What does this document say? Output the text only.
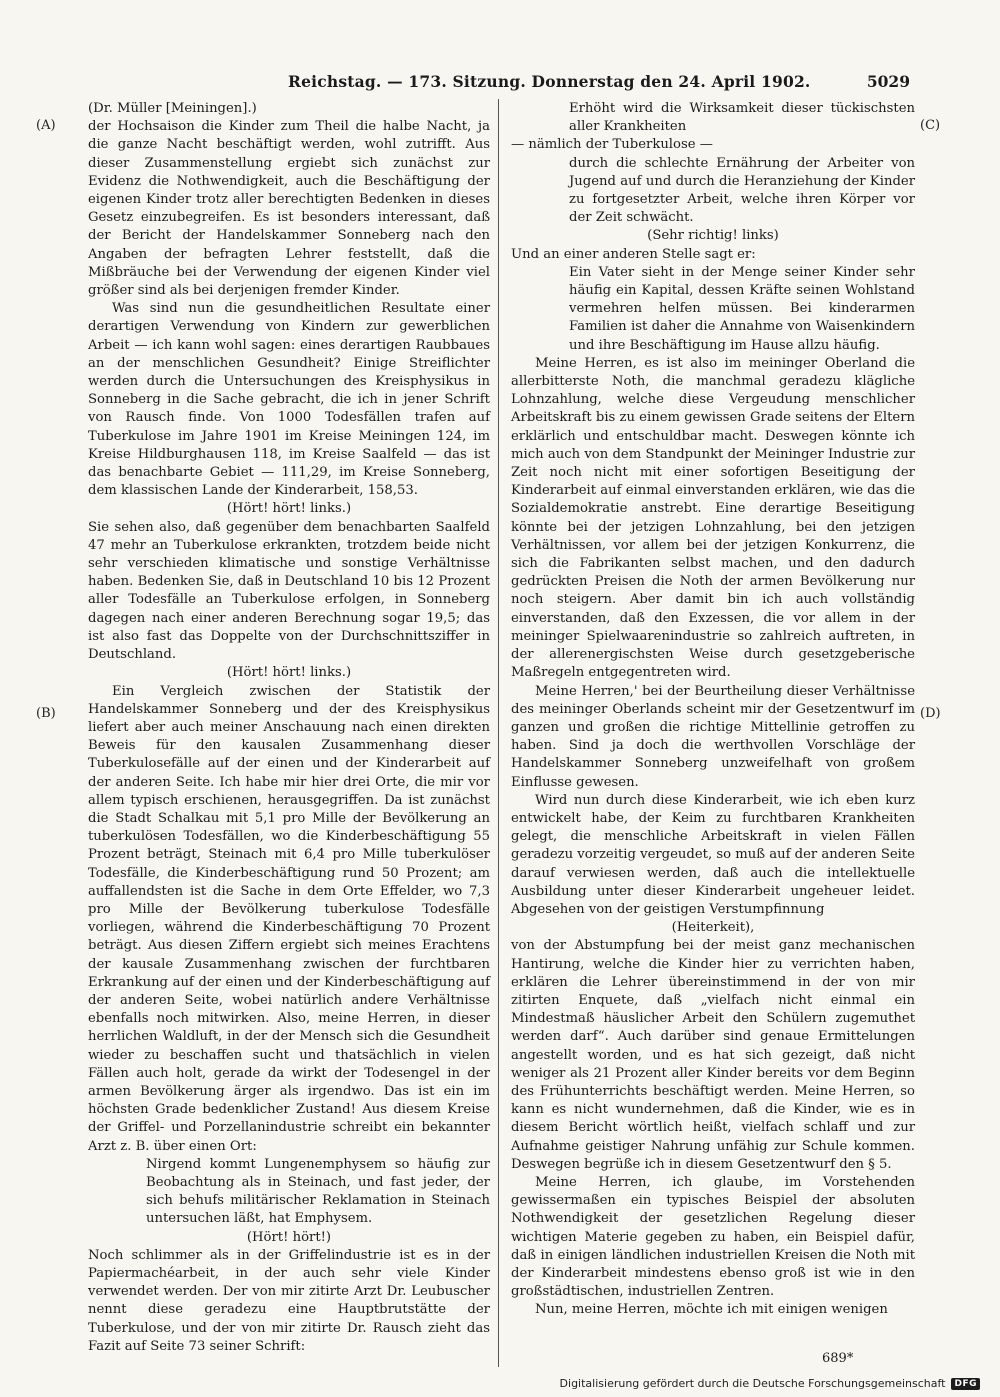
Reichstag. — 173. Sitzung. Donnerstag den 24. April 1902.	5029
(A)
(B)
(C)
(D)

(Dr. Müller [Meiningen].)

der Hochsaison die Kinder zum Theil die halbe Nacht, ja die ganze Nacht beschäftigt werden, wohl zutrifft. Aus dieser Zusammenstellung ergiebt sich zunächst zur Evidenz die Nothwendigkeit, auch die Beschäftigung der eigenen Kinder trotz aller berechtigten Bedenken in dieses Gesetz einzubegreifen. Es ist besonders interessant, daß der Bericht der Handelskammer Sonneberg nach den Angaben der befragten Lehrer feststellt, daß die Mißbräuche bei der Verwendung der eigenen Kinder viel größer sind als bei derjenigen fremder Kinder.

Was sind nun die gesundheitlichen Resultate einer derartigen Verwendung von Kindern zur gewerblichen Arbeit — ich kann wohl sagen: eines derartigen Raubbaues an der menschlichen Gesundheit? Einige Streiflichter werden durch die Untersuchungen des Kreisphysikus in Sonneberg in die Sache gebracht, die ich in jener Schrift von Rausch finde. Von 1000 Todesfällen trafen auf Tuberkulose im Jahre 1901 im Kreise Meiningen 124, im Kreise Hildburghausen 118, im Kreise Saalfeld — das ist das benachbarte Gebiet — 111,29, im Kreise Sonneberg, dem klassischen Lande der Kinderarbeit, 158,53.

(Hört! hört! links.)

Sie sehen also, daß gegenüber dem benachbarten Saalfeld 47 mehr an Tuberkulose erkrankten, trotzdem beide nicht sehr verschieden klimatische und sonstige Verhältnisse haben. Bedenken Sie, daß in Deutschland 10 bis 12 Prozent aller Todesfälle an Tuberkulose erfolgen, in Sonneberg dagegen nach einer anderen Berechnung sogar 19,5; das ist also fast das Doppelte von der Durchschnittsziffer in Deutschland.

(Hört! hört! links.)

Ein Vergleich zwischen der Statistik der Handelskammer Sonneberg und der des Kreisphysikus liefert aber auch meiner Anschauung nach einen direkten Beweis für den kausalen Zusammenhang dieser Tuberkulosefälle auf der einen und der Kinderarbeit auf der anderen Seite. Ich habe mir hier drei Orte, die mir vor allem typisch erschienen, herausgegriffen. Da ist zunächst die Stadt Schalkau mit 5,1 pro Mille der Bevölkerung an tuberkulösen Todesfällen, wo die Kinderbeschäftigung 55 Prozent beträgt, Steinach mit 6,4 pro Mille tuberkulöser Todesfälle, die Kinderbeschäftigung rund 50 Prozent; am auffallendsten ist die Sache in dem Orte Effelder, wo 7,3 pro Mille der Bevölkerung tuberkulose Todesfälle vorliegen, während die Kinderbeschäftigung 70 Prozent beträgt. Aus diesen Ziffern ergiebt sich meines Erachtens der kausale Zusammenhang zwischen der furchtbaren Erkrankung auf der einen und der Kinderbeschäftigung auf der anderen Seite, wobei natürlich andere Verhältnisse ebenfalls noch mitwirken. Also, meine Herren, in dieser herrlichen Waldluft, in der der Mensch sich die Gesundheit wieder zu beschaffen sucht und thatsächlich in vielen Fällen auch holt, gerade da wirkt der Todesengel in der armen Bevölkerung ärger als irgendwo. Das ist ein im höchsten Grade bedenklicher Zustand! Aus diesem Kreise der Griffel- und Porzellanindustrie schreibt ein bekannter Arzt z. B. über einen Ort:

Nirgend kommt Lungenemphysem so häufig zur Beobachtung als in Steinach, und fast jeder, der sich behufs militärischer Reklamation in Steinach untersuchen läßt, hat Emphysem.

(Hört! hört!)

Noch schlimmer als in der Griffelindustrie ist es in der Papiermachéarbeit, in der auch sehr viele Kinder verwendet werden. Der von mir zitirte Arzt Dr. Leubuscher nennt diese geradezu eine Hauptbrutstätte der Tuberkulose, und der von mir zitirte Dr. Rausch zieht das Fazit auf Seite 73 seiner Schrift:

Erhöht wird die Wirksamkeit dieser tückischsten aller Krankheiten

— nämlich der Tuberkulose —

durch die schlechte Ernährung der Arbeiter von Jugend auf und durch die Heranziehung der Kinder zu fortgesetzter Arbeit, welche ihren Körper vor der Zeit schwächt.

(Sehr richtig! links)

Und an einer anderen Stelle sagt er:

Ein Vater sieht in der Menge seiner Kinder sehr häufig ein Kapital, dessen Kräfte seinen Wohlstand vermehren helfen müssen. Bei kinderarmen Familien ist daher die Annahme von Waisenkindern und ihre Beschäftigung im Hause allzu häufig.

Meine Herren, es ist also im meininger Oberland die allerbitterste Noth, die manchmal geradezu klägliche Lohnzahlung, welche diese Vergeudung menschlicher Arbeitskraft bis zu einem gewissen Grade seitens der Eltern erklärlich und entschuldbar macht. Deswegen könnte ich mich auch von dem Standpunkt der Meininger Industrie zur Zeit noch nicht mit einer sofortigen Beseitigung der Kinderarbeit auf einmal einverstanden erklären, wie das die Sozialdemokratie anstrebt. Eine derartige Beseitigung könnte bei der jetzigen Lohnzahlung, bei den jetzigen Verhältnissen, vor allem bei der jetzigen Konkurrenz, die sich die Fabrikanten selbst machen, und den dadurch gedrückten Preisen die Noth der armen Bevölkerung nur noch steigern. Aber damit bin ich auch vollständig einverstanden, daß den Exzessen, die vor allem in der meininger Spielwaarenindustrie so zahlreich auftreten, in der allerenergischsten Weise durch gesetzgeberische Maßregeln entgegentreten wird.

Meine Herren,' bei der Beurtheilung dieser Verhältnisse des meininger Oberlands scheint mir der Gesetzentwurf im ganzen und großen die richtige Mittellinie getroffen zu haben. Sind ja doch die werthvollen Vorschläge der Handelskammer Sonneberg unzweifelhaft von großem Einflusse gewesen.

Wird nun durch diese Kinderarbeit, wie ich eben kurz entwickelt habe, der Keim zu furchtbaren Krankheiten gelegt, die menschliche Arbeitskraft in vielen Fällen geradezu vorzeitig vergeudet, so muß auf der anderen Seite darauf verwiesen werden, daß auch die intellektuelle Ausbildung unter dieser Kinderarbeit ungeheuer leidet. Abgesehen von der geistigen Verstumpfinnung

(Heiterkeit),

von der Abstumpfung bei der meist ganz mechanischen Hantirung, welche die Kinder hier zu verrichten haben, erklären die Lehrer übereinstimmend in der von mir zitirten Enquete, daß „vielfach nicht einmal ein Mindestmaß häuslicher Arbeit den Schülern zugemuthet werden darf“. Auch darüber sind genaue Ermittelungen angestellt worden, und es hat sich gezeigt, daß nicht weniger als 21 Prozent aller Kinder bereits vor dem Beginn des Frühunterrichts beschäftigt werden. Meine Herren, so kann es nicht wundernehmen, daß die Kinder, wie es in diesem Bericht wörtlich heißt, vielfach schlaff und zur Aufnahme geistiger Nahrung unfähig zur Schule kommen. Deswegen begrüße ich in diesem Gesetzentwurf den § 5.

Meine Herren, ich glaube, im Vorstehenden gewissermaßen ein typisches Beispiel der absoluten Nothwendigkeit der gesetzlichen Regelung dieser wichtigen Materie gegeben zu haben, ein Beispiel dafür, daß in einigen ländlichen industriellen Kreisen die Noth mit der Kinderarbeit mindestens ebenso groß ist wie in den großstädtischen, industriellen Zentren.

Nun, meine Herren, möchte ich mit einigen wenigen

689*
Digitalisierung gefördert durch die Deutsche Forschungsgemeinschaft	DFG
